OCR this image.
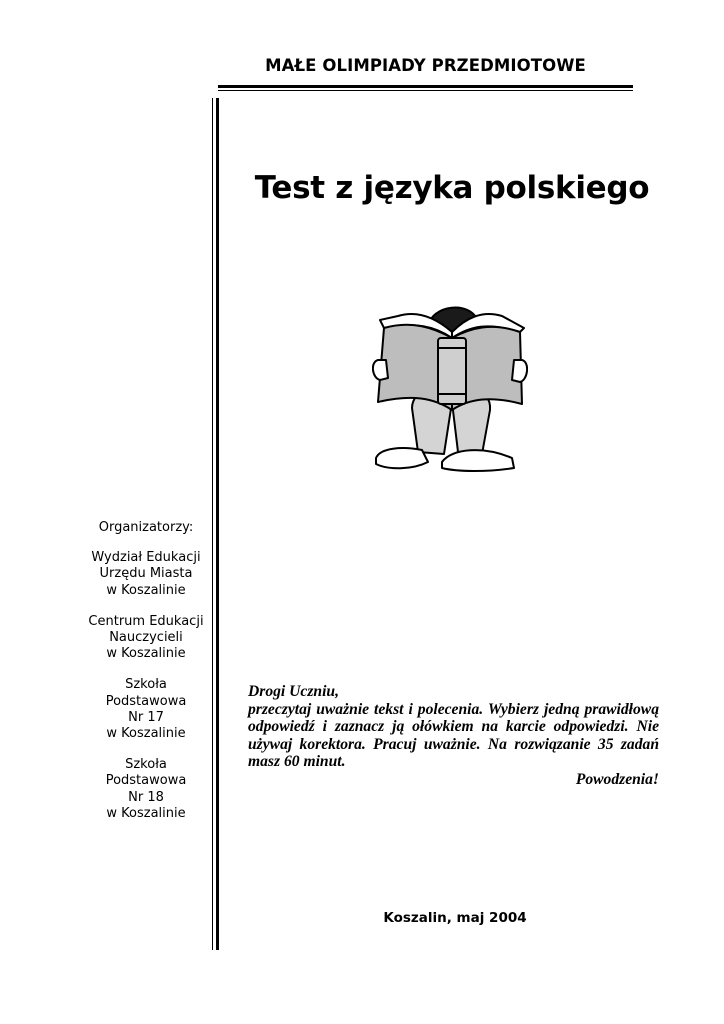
MAŁE OLIMPIADY PRZEDMIOTOWE
Test z języka polskiego
Organizatorzy:
Wydział Edukacji
Urzędu Miasta
w Koszalinie
Centrum Edukacji
Nauczycieli
w Koszalinie
Szkoła
Podstawowa
Nr 17
w Koszalinie
Szkoła
Podstawowa
Nr 18
w Koszalinie
Drogi Uczniu,
przeczytaj uważnie tekst i polecenia. Wybierz jedną prawidłową odpowiedź i zaznacz ją ołówkiem na karcie odpowiedzi. Nie używaj korektora. Pracuj uważnie. Na rozwiązanie 35 zadań masz 60 minut.
Powodzenia!
Koszalin, maj 2004
